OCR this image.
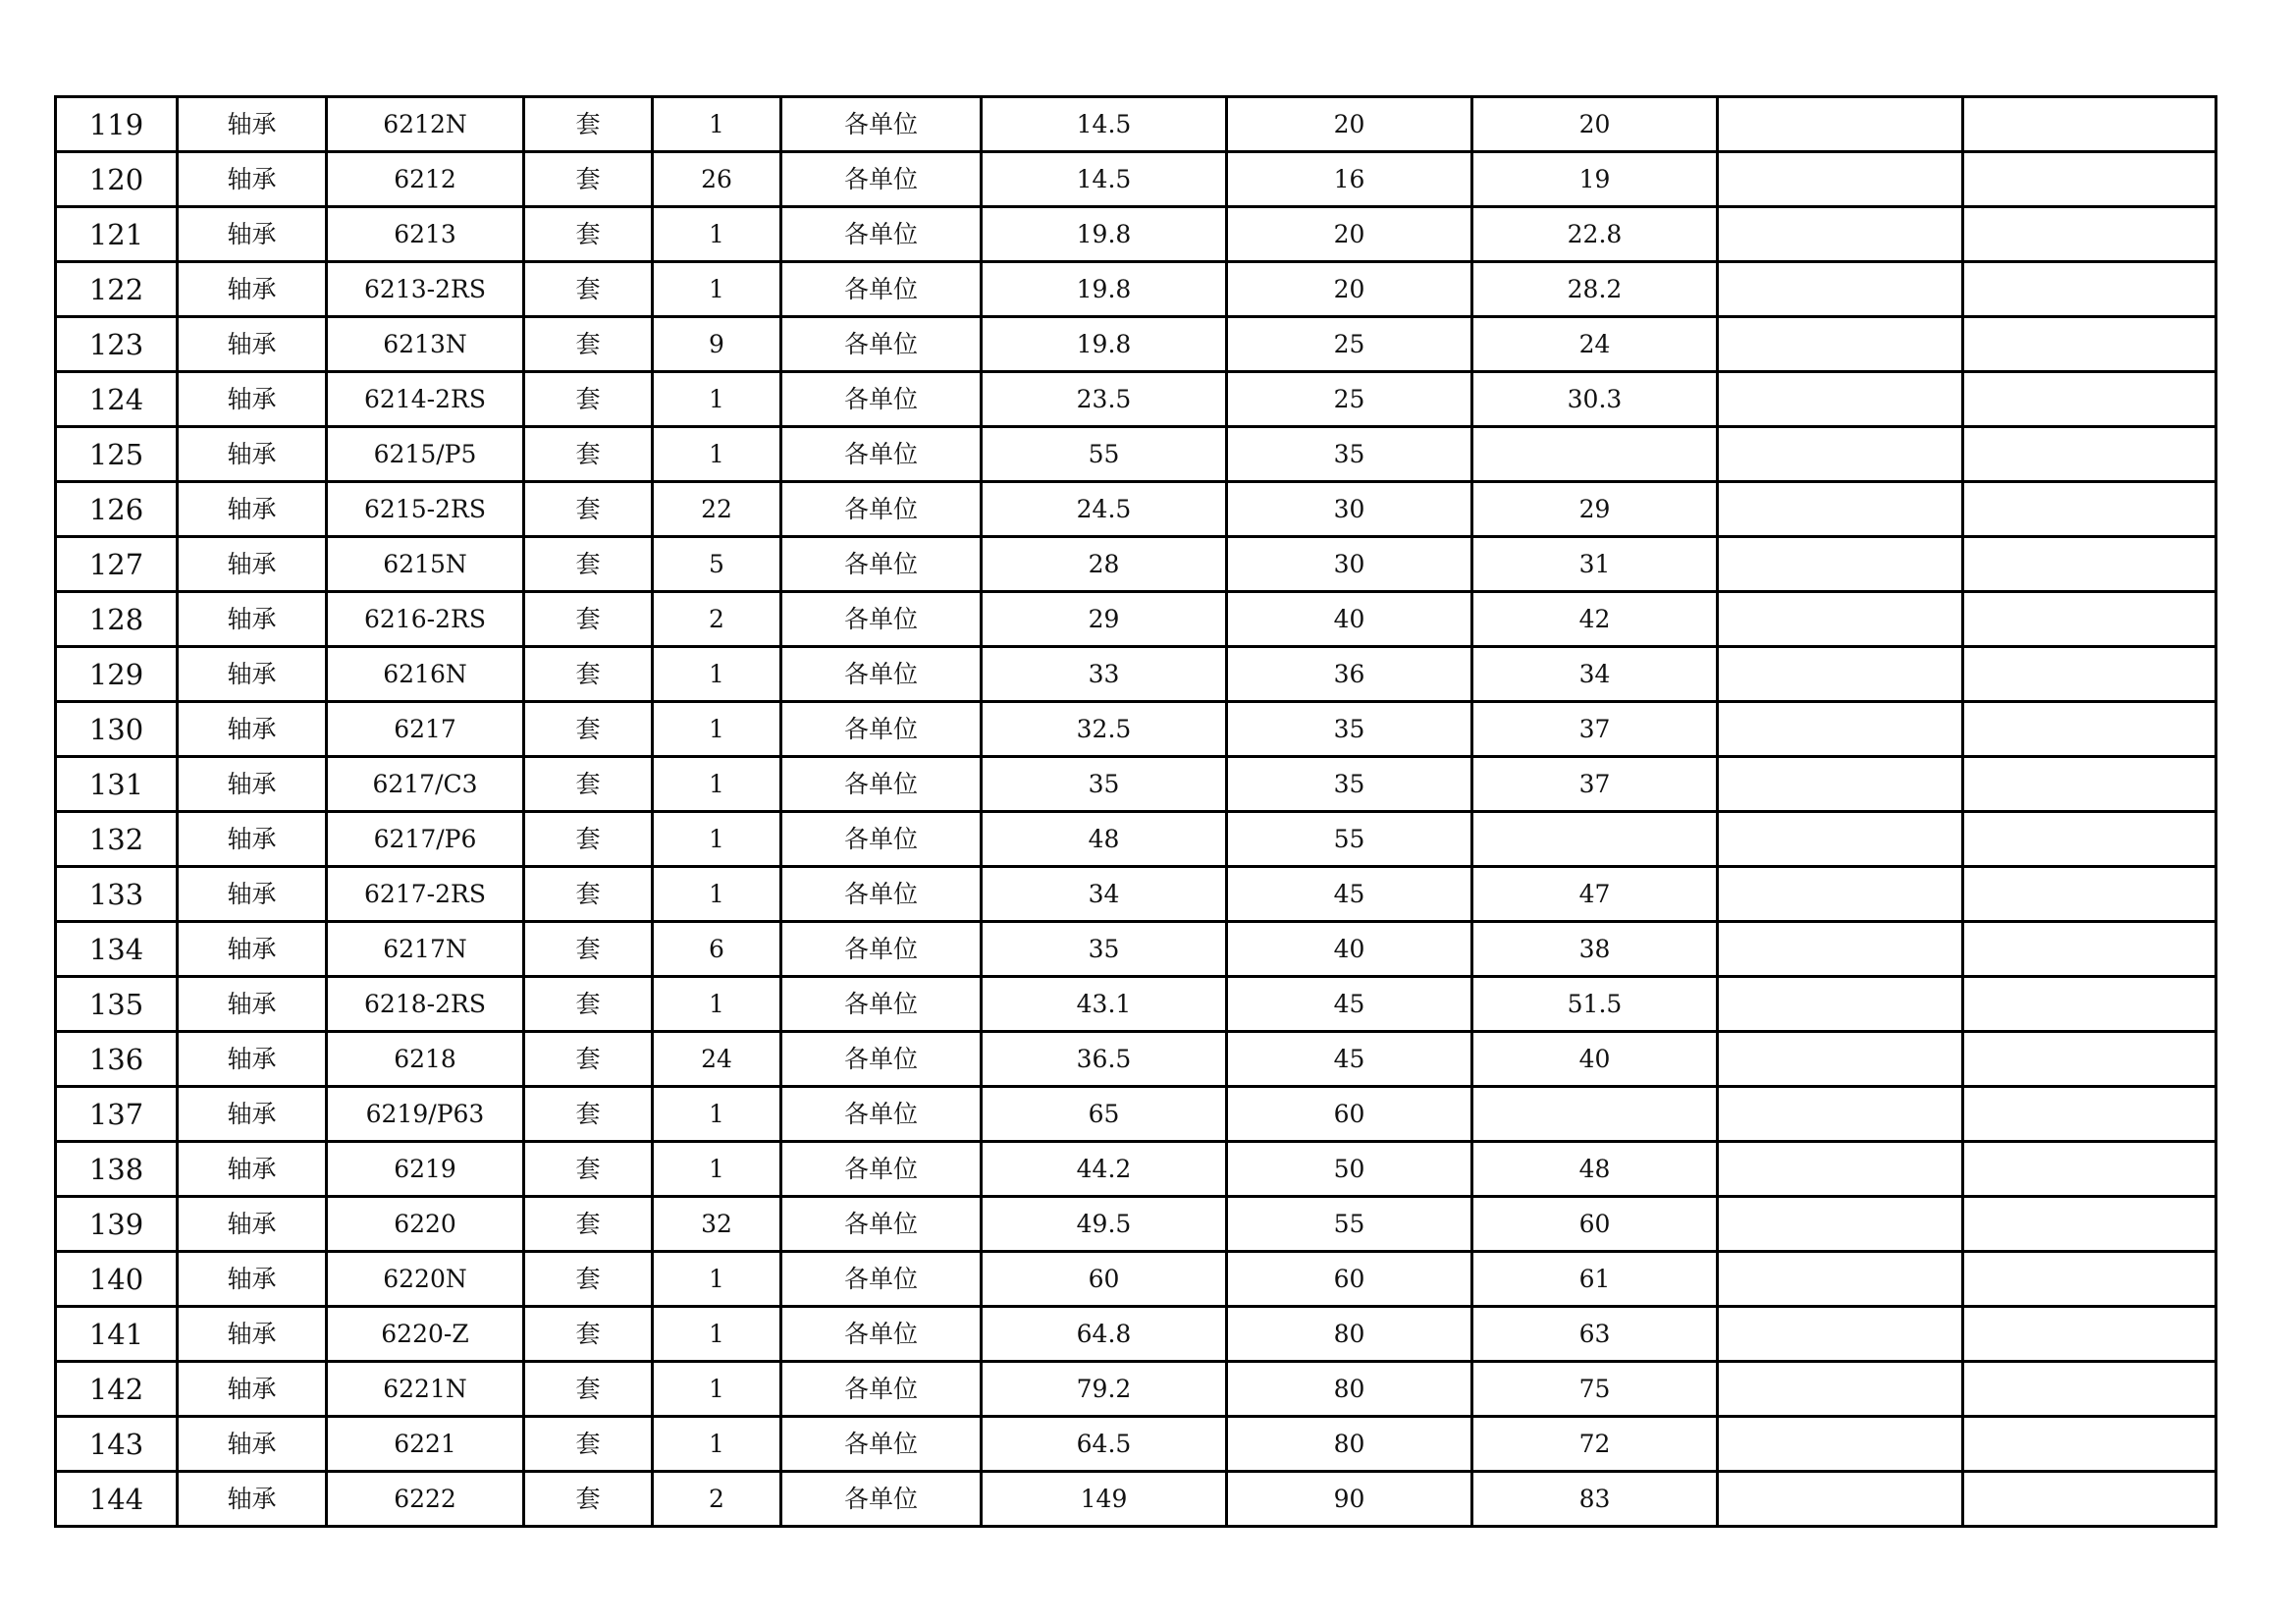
119	轴承	6212N	套	1	各单位	14.5	20	20		
120	轴承	6212	套	26	各单位	14.5	16	19		
121	轴承	6213	套	1	各单位	19.8	20	22.8		
122	轴承	6213-2RS	套	1	各单位	19.8	20	28.2		
123	轴承	6213N	套	9	各单位	19.8	25	24		
124	轴承	6214-2RS	套	1	各单位	23.5	25	30.3		
125	轴承	6215/P5	套	1	各单位	55	35			
126	轴承	6215-2RS	套	22	各单位	24.5	30	29		
127	轴承	6215N	套	5	各单位	28	30	31		
128	轴承	6216-2RS	套	2	各单位	29	40	42		
129	轴承	6216N	套	1	各单位	33	36	34		
130	轴承	6217	套	1	各单位	32.5	35	37		
131	轴承	6217/C3	套	1	各单位	35	35	37		
132	轴承	6217/P6	套	1	各单位	48	55			
133	轴承	6217-2RS	套	1	各单位	34	45	47		
134	轴承	6217N	套	6	各单位	35	40	38		
135	轴承	6218-2RS	套	1	各单位	43.1	45	51.5		
136	轴承	6218	套	24	各单位	36.5	45	40		
137	轴承	6219/P63	套	1	各单位	65	60			
138	轴承	6219	套	1	各单位	44.2	50	48		
139	轴承	6220	套	32	各单位	49.5	55	60		
140	轴承	6220N	套	1	各单位	60	60	61		
141	轴承	6220-Z	套	1	各单位	64.8	80	63		
142	轴承	6221N	套	1	各单位	79.2	80	75		
143	轴承	6221	套	1	各单位	64.5	80	72		
144	轴承	6222	套	2	各单位	149	90	83		
